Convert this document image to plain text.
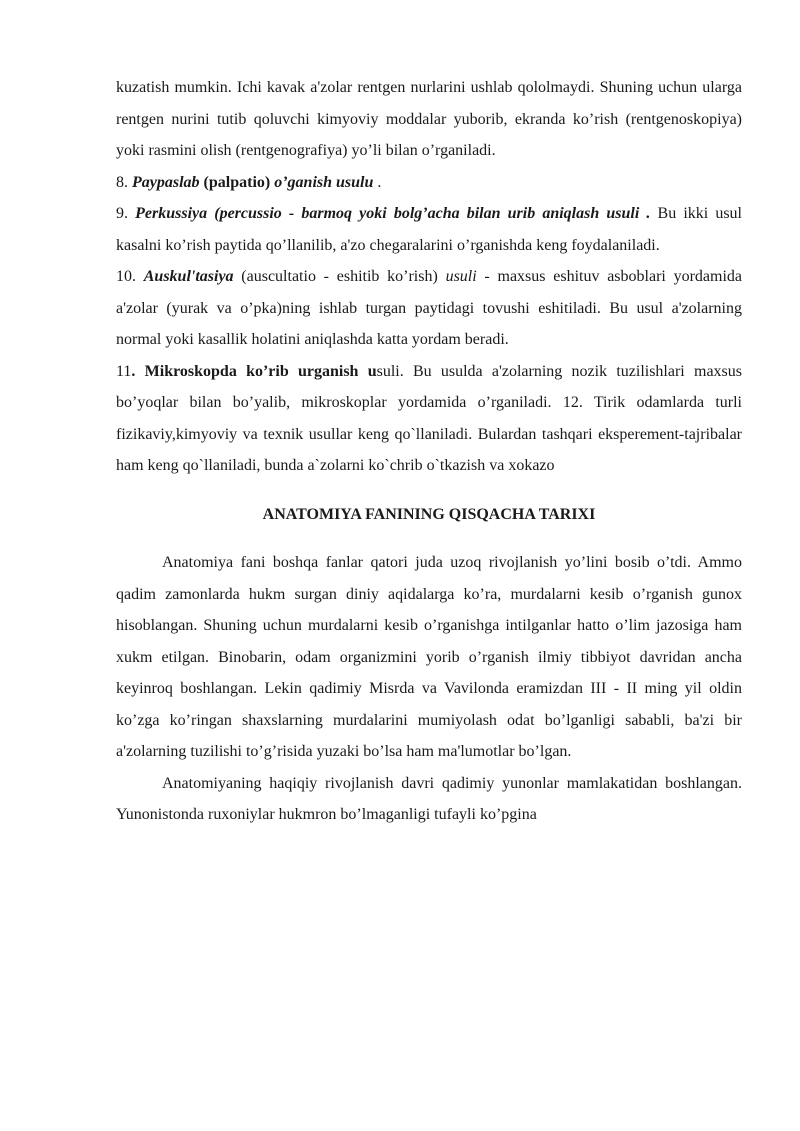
kuzatish mumkin. Ichi kavak a'zolar rentgen nurlarini ushlab qololmaydi. Shuning uchun ularga rentgen nurini tutib qoluvchi kimyoviy moddalar yuborib, ekranda ko’rish (rentgenoskopiya) yoki rasmini olish (rentgenografiya) yo’li bilan o’rganiladi.

8. Paypaslab (palpatio) o’ganish usulu .

9. Perkussiya (percussio - barmoq yoki bolg’acha bilan urib aniqlash usuli . Bu ikki usul kasalni ko’rish paytida qo’llanilib, a'zo chegaralarini o’rganishda keng foydalaniladi.

10. Auskul'tasiya (auscultatio - eshitib ko’rish) usuli - maxsus eshituv asboblari yordamida a'zolar (yurak va o’pka)ning ishlab turgan paytidagi tovushi eshitiladi. Bu usul a'zolarning normal yoki kasallik holatini aniqlashda katta yordam beradi.

11. Mikroskopda ko’rib urganish usuli. Bu usulda a'zolarning nozik tuzilishlari maxsus bo’yoqlar bilan bo’yalib, mikroskoplar yordamida o’rganiladi. 12. Tirik odamlarda turli fizikaviy,kimyoviy va texnik usullar keng qo`llaniladi. Bulardan tashqari eksperement-tajribalar ham keng qo`llaniladi, bunda a`zolarni ko`chrib o`tkazish va xokazo

ANATOMIYA FANINING QISQACHA TARIXI

Anatomiya fani boshqa fanlar qatori juda uzoq rivojlanish yo’lini bosib o’tdi. Ammo qadim zamonlarda hukm surgan diniy aqidalarga ko’ra, murdalarni kesib o’rganish gunox hisoblangan. Shuning uchun murdalarni kesib o’rganishga intilganlar hatto o’lim jazosiga ham xukm etilgan. Binobarin, odam organizmini yorib o’rganish ilmiy tibbiyot davridan ancha keyinroq boshlangan. Lekin qadimiy Misrda va Vavilonda eramizdan III - II ming yil oldin ko’zga ko’ringan shaxslarning murdalarini mumiyolash odat bo’lganligi sababli, ba'zi bir a'zolarning tuzilishi to’g’risida yuzaki bo’lsa ham ma'lumotlar bo’lgan.

Anatomiyaning haqiqiy rivojlanish davri qadimiy yunonlar mamlakatidan boshlangan. Yunonistonda ruxoniylar hukmron bo’lmaganligi tufayli ko’pgina
